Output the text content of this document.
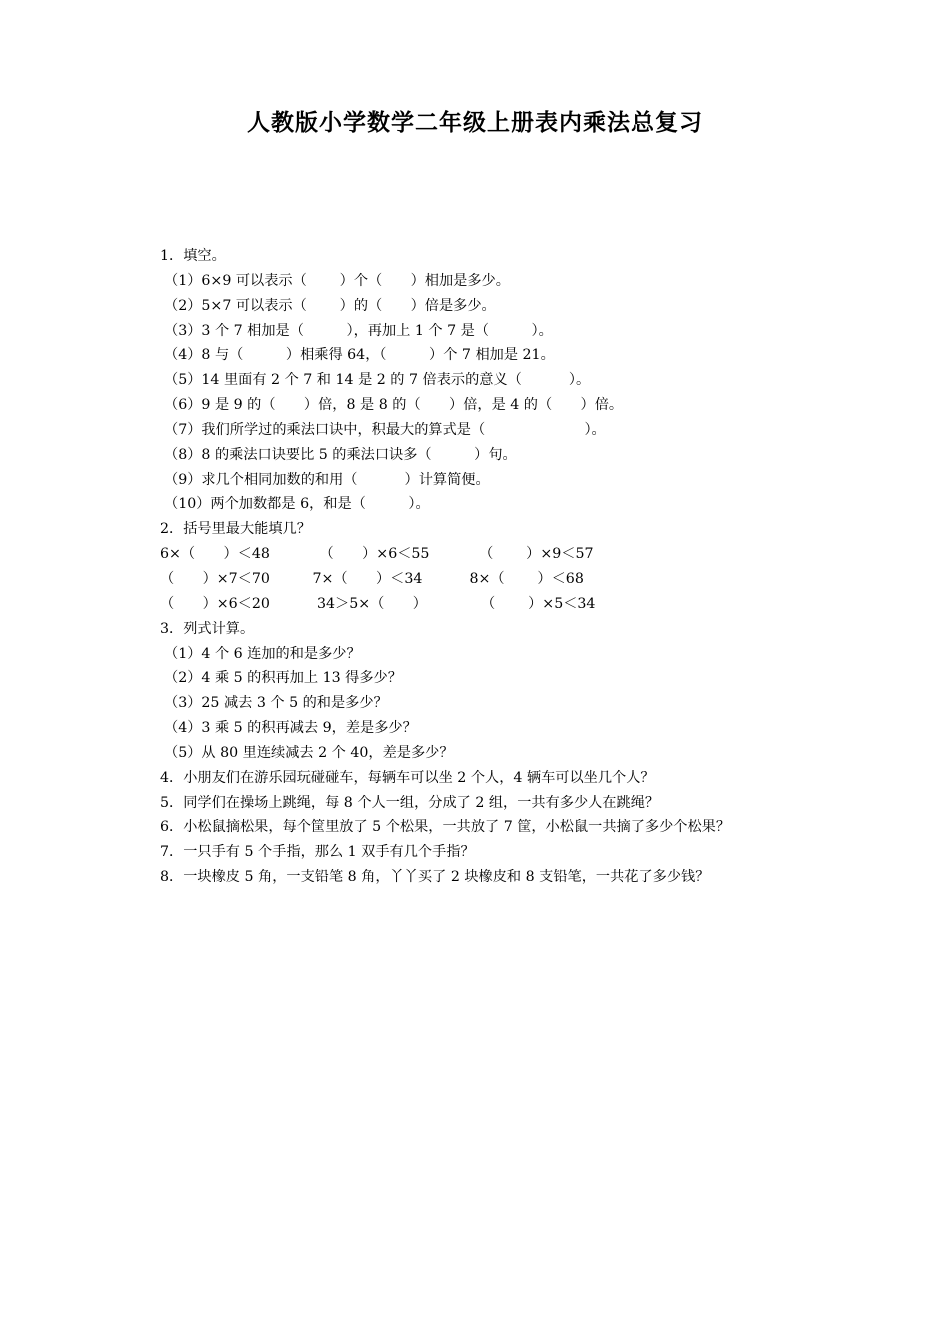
人教版小学数学二年级上册表内乘法总复习

1．填空。

（1）6×9 可以表示（　　 ）个（　　）相加是多少。

（2）5×7 可以表示（　　 ）的（　　）倍是多少。

（3）3 个 7 相加是（　　　），再加上 1 个 7 是（　　　）。

（4）8 与（　　　）相乘得 64，（　　　）个 7 相加是 21。

（5）14 里面有 2 个 7 和 14 是 2 的 7 倍表示的意义（　　　 ）。

（6）9 是 9 的（　　）倍，8 是 8 的（　　）倍，是 4 的（　　）倍。

（7）我们所学过的乘法口诀中，积最大的算式是（　　　　　　　）。

（8）8 的乘法口诀要比 5 的乘法口诀多（　　　）句。

（9）求几个相同加数的和用（　　　 ）计算简便。

（10）两个加数都是 6，和是（　　　）。

2．括号里最大能填几？

6×（　　）＜48　　　　（　　）×6＜55　　　　（　　 ）×9＜57

（　　）×7＜70　　　7×（　　）＜34　　　 8×（　　 ）＜68

（　　）×6＜20　　　 34＞5×（　　）　　　　 （　　 ）×5＜34

3．列式计算。

（1）4 个 6 连加的和是多少？

（2）4 乘 5 的积再加上 13 得多少？

（3）25 减去 3 个 5 的和是多少？

（4）3 乘 5 的积再减去 9，差是多少？

（5）从 80 里连续减去 2 个 40，差是多少？

4．小朋友们在游乐园玩碰碰车，每辆车可以坐 2 个人，4 辆车可以坐几个人？

5．同学们在操场上跳绳，每 8 个人一组，分成了 2 组，一共有多少人在跳绳？

6．小松鼠摘松果，每个筐里放了 5 个松果，一共放了 7 筐，小松鼠一共摘了多少个松果？

7．一只手有 5 个手指，那么 1 双手有几个手指？

8．一块橡皮 5 角，一支铅笔 8 角，丫丫买了 2 块橡皮和 8 支铅笔，一共花了多少钱？
